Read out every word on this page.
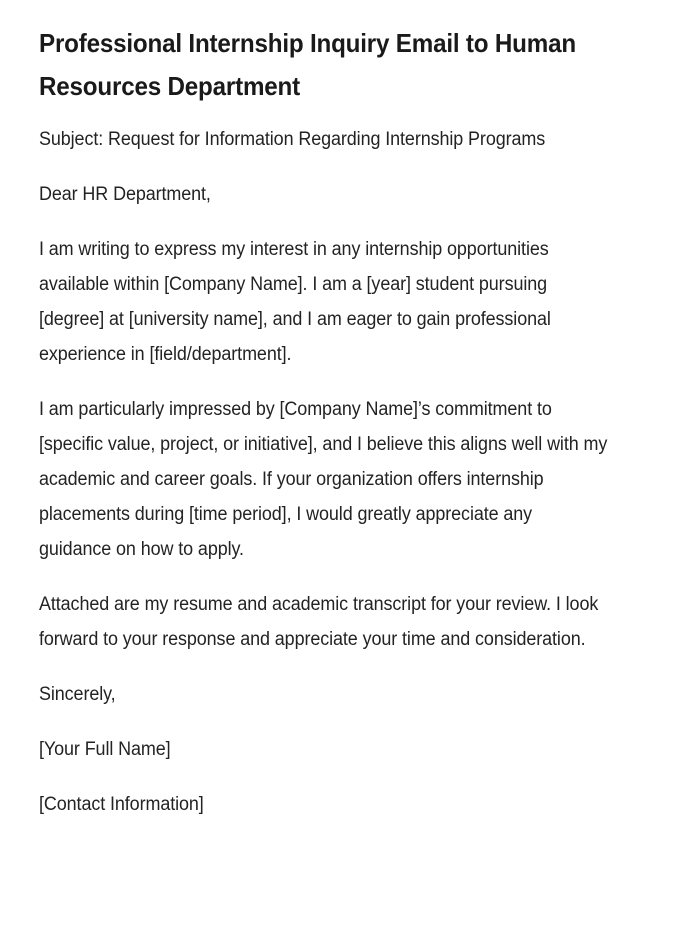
Professional Internship Inquiry Email to Human Resources Department

Subject: Request for Information Regarding Internship Programs

Dear HR Department,

I am writing to express my interest in any internship opportunities available within [Company Name]. I am a [year] student pursuing [degree] at [university name], and I am eager to gain professional experience in [field/department].

I am particularly impressed by [Company Name]’s commitment to [specific value, project, or initiative], and I believe this aligns well with my academic and career goals. If your organization offers internship placements during [time period], I would greatly appreciate any guidance on how to apply.

Attached are my resume and academic transcript for your review. I look forward to your response and appreciate your time and consideration.

Sincerely,

[Your Full Name]

[Contact Information]
